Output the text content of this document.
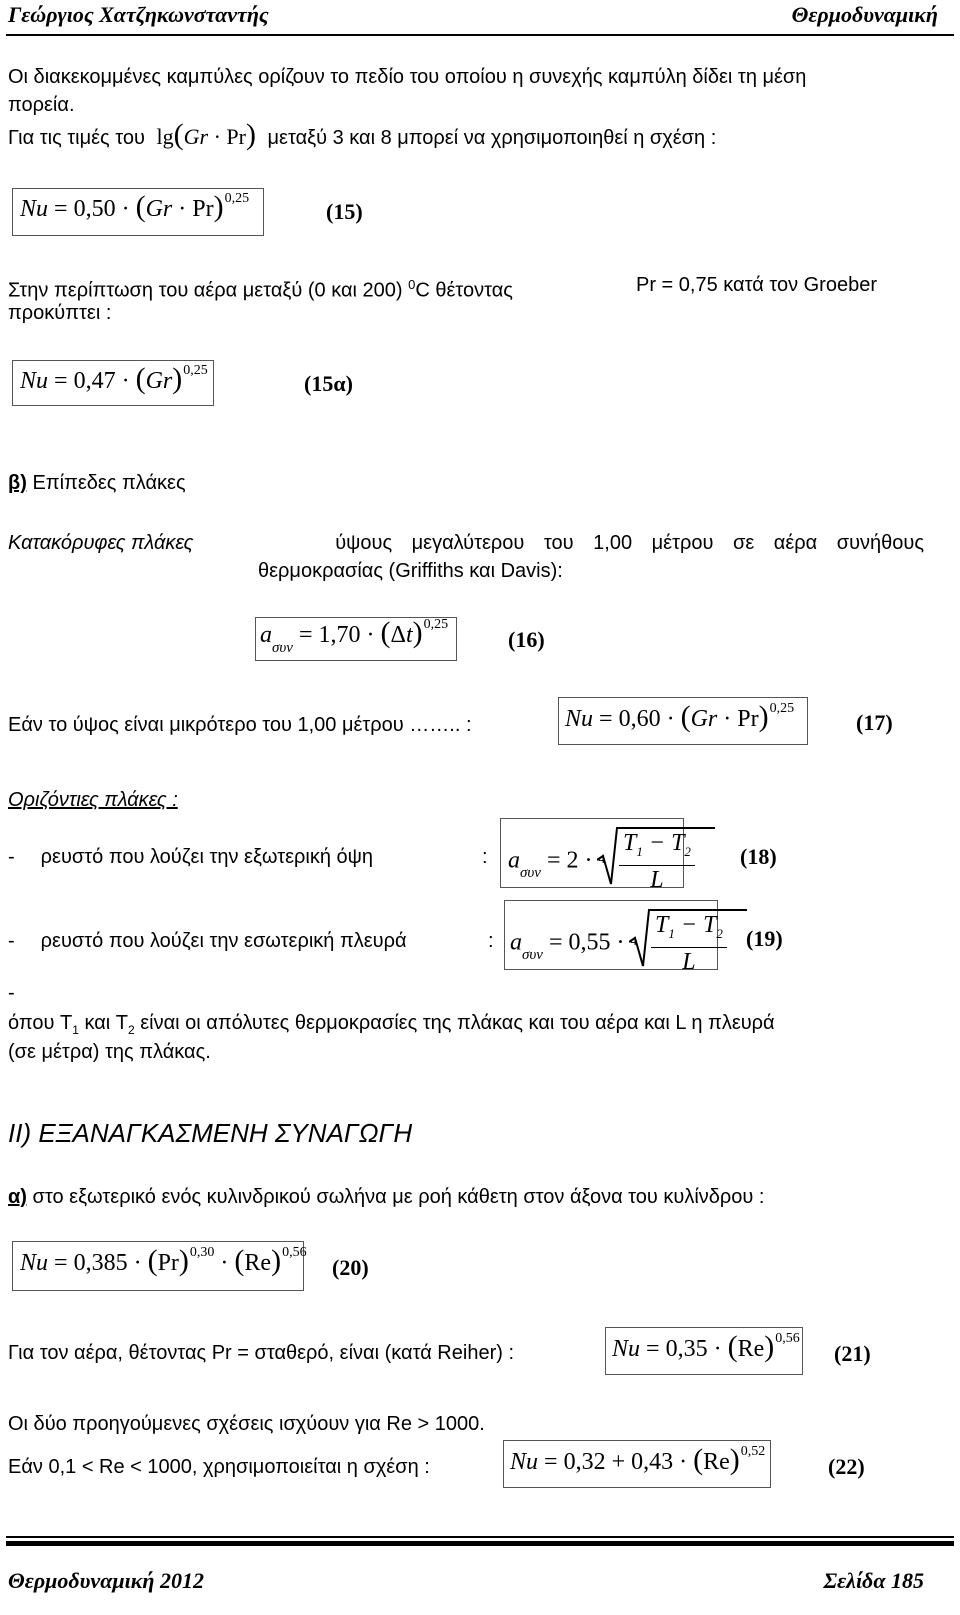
Γεώργιος Χατζηκωνσταντής	Θερμοδυναμική
Οι διακεκομμένες καμπύλες ορίζουν το πεδίο του οποίου η συνεχής καμπύλη δίδει τη μέση
πορεία.
Για τις τιμές του lg(Gr · Pr) μεταξύ 3 και 8 μπορεί να χρησιμοποιηθεί η σχέση :
$Nu = 0,50 \cdot (Gr \cdot Pr)^{0,25}$
(15)
Στην περίπτωση του αέρα μεταξύ (0 και 200) $^0$C θέτοντας	Pr = 0,75 κατά τον Groeber
προκύπτει :
$Nu = 0,47 \cdot (Gr)^{0,25}$
(15α)
β) Επίπεδες πλάκες
Κατακόρυφες πλάκες	ύψους μεγαλύτερου του 1,00 μέτρου σε αέρα συνήθους
θερμοκρασίας (Griffiths και Davis):
$a_{\sigma\upsilon\nu} = 1,70 \cdot (\Delta t)^{0,25}$
(16)
Εάν το ύψος είναι μικρότερο του 1,00 μέτρου …….. :	$Nu = 0,60 \cdot (Gr \cdot Pr)^{0,25}$
(17)
Οριζόντιες πλάκες :
- ρευστό που λούζει την εξωτερική όψη	: $a_{\sigma\upsilon\nu} = 2 \cdot 4 \frac{T_1 - T_2}{L} (18)$
- ρευστό που λούζει την εσωτερική πλευρά	: $a_{\sigma\upsilon\nu} = 0,55 \cdot 4 \frac{T_1 - T_2}{L} (19)$
-
όπου $T_1$ και $T_2$ είναι οι απόλυτες θερμοκρασίες της πλάκας και του αέρα και L η πλευρά
(σε μέτρα) της πλάκας.
II) ΕΞΑΝΑΓΚΑΣΜΕΝΗ ΣΥΝΑΓΩΓΗ
α) στο εξωτερικό ενός κυλινδρικού σωλήνα με ροή κάθετη στον άξονα του κυλίνδρου :
$Nu = 0,385 \cdot (Pr)^{0,30} \cdot (Re)^{0,56}$
(20)
Για τον αέρα, θέτοντας Pr = σταθερό, είναι (κατά Reiher) :	$Nu = 0,35 \cdot (Re)^{0,56}$
(21)
Οι δύο προηγούμενες σχέσεις ισχύουν για Re > 1000.
Εάν 0,1 < Re < 1000, χρησιμοποιείται η σχέση :	$Nu = 0,32 + 0,43 \cdot (Re)^{0,52}$
(22)
Θερμοδυναμική 2012	Σελίδα 185
